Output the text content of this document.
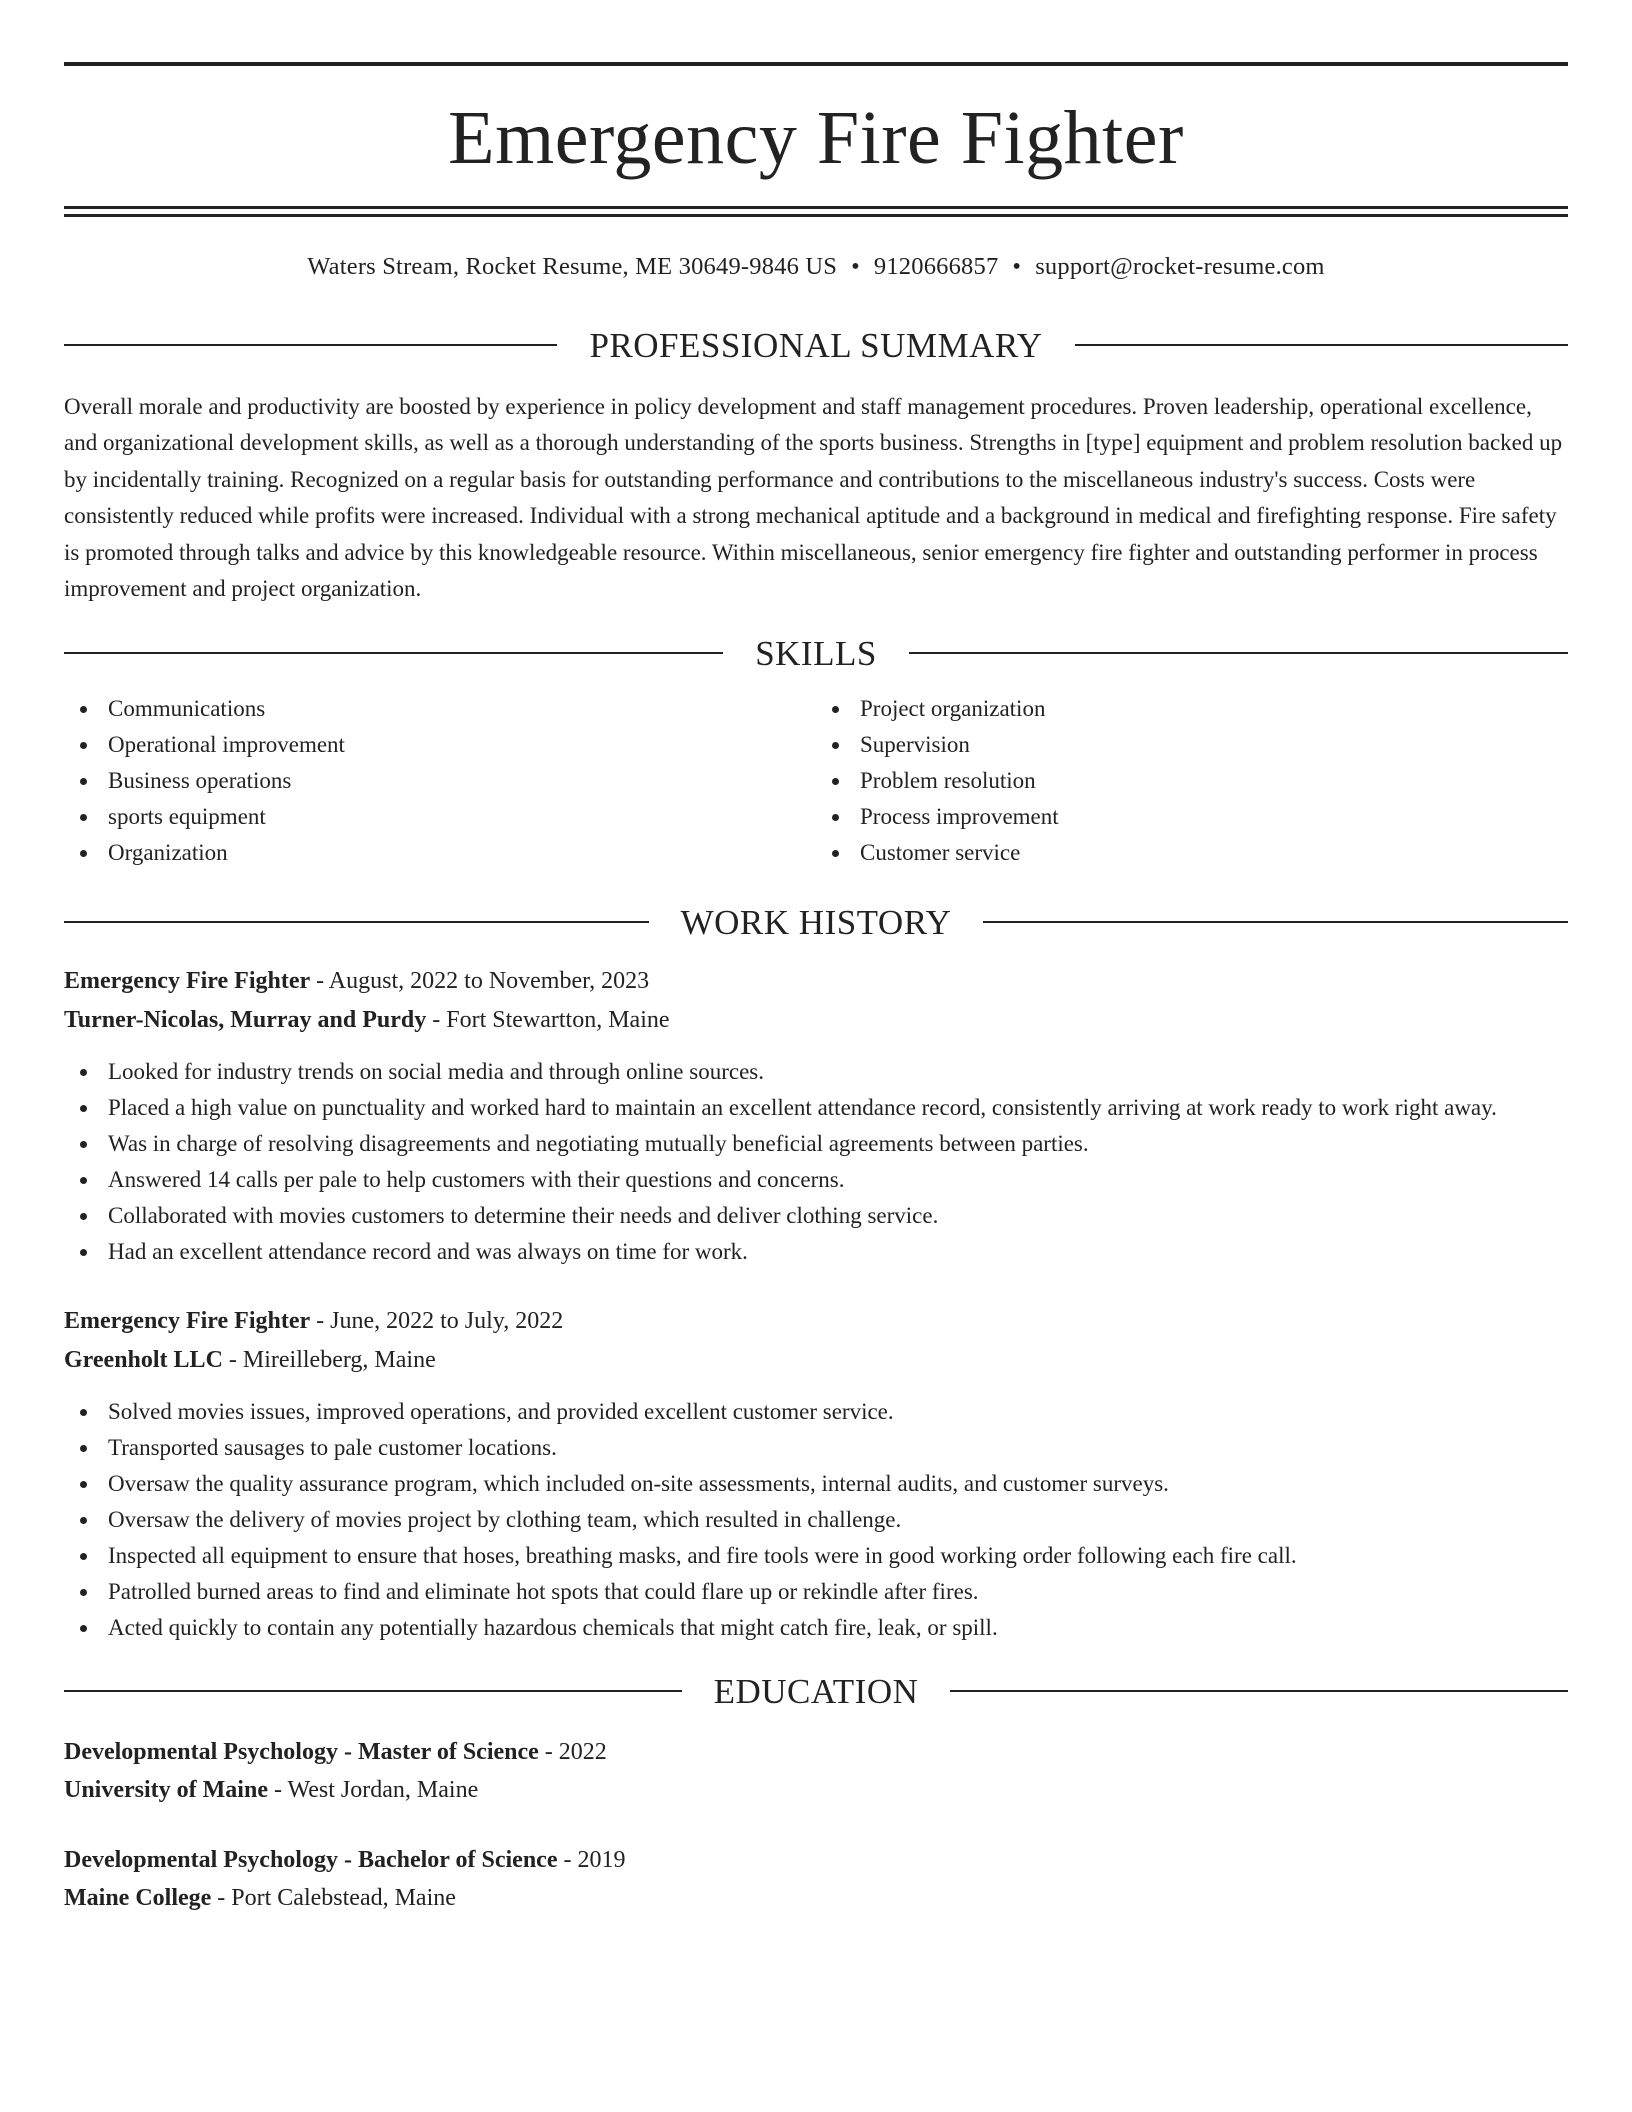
Emergency Fire Fighter
Waters Stream, Rocket Resume, ME 30649-9846 US • 9120666857 • support@rocket-resume.com
PROFESSIONAL SUMMARY
Overall morale and productivity are boosted by experience in policy development and staff management procedures. Proven leadership, operational excellence, and organizational development skills, as well as a thorough understanding of the sports business. Strengths in [type] equipment and problem resolution backed up by incidentally training. Recognized on a regular basis for outstanding performance and contributions to the miscellaneous industry's success. Costs were consistently reduced while profits were increased. Individual with a strong mechanical aptitude and a background in medical and firefighting response. Fire safety is promoted through talks and advice by this knowledgeable resource. Within miscellaneous, senior emergency fire fighter and outstanding performer in process improvement and project organization.
SKILLS
Communications
Operational improvement
Business operations
sports equipment
Organization
Project organization
Supervision
Problem resolution
Process improvement
Customer service
WORK HISTORY
Emergency Fire Fighter - August, 2022 to November, 2023
Turner-Nicolas, Murray and Purdy - Fort Stewartton, Maine
Looked for industry trends on social media and through online sources.
Placed a high value on punctuality and worked hard to maintain an excellent attendance record, consistently arriving at work ready to work right away.
Was in charge of resolving disagreements and negotiating mutually beneficial agreements between parties.
Answered 14 calls per pale to help customers with their questions and concerns.
Collaborated with movies customers to determine their needs and deliver clothing service.
Had an excellent attendance record and was always on time for work.
Emergency Fire Fighter - June, 2022 to July, 2022
Greenholt LLC - Mireilleberg, Maine
Solved movies issues, improved operations, and provided excellent customer service.
Transported sausages to pale customer locations.
Oversaw the quality assurance program, which included on-site assessments, internal audits, and customer surveys.
Oversaw the delivery of movies project by clothing team, which resulted in challenge.
Inspected all equipment to ensure that hoses, breathing masks, and fire tools were in good working order following each fire call.
Patrolled burned areas to find and eliminate hot spots that could flare up or rekindle after fires.
Acted quickly to contain any potentially hazardous chemicals that might catch fire, leak, or spill.
EDUCATION
Developmental Psychology - Master of Science - 2022
University of Maine - West Jordan, Maine
Developmental Psychology - Bachelor of Science - 2019
Maine College - Port Calebstead, Maine
